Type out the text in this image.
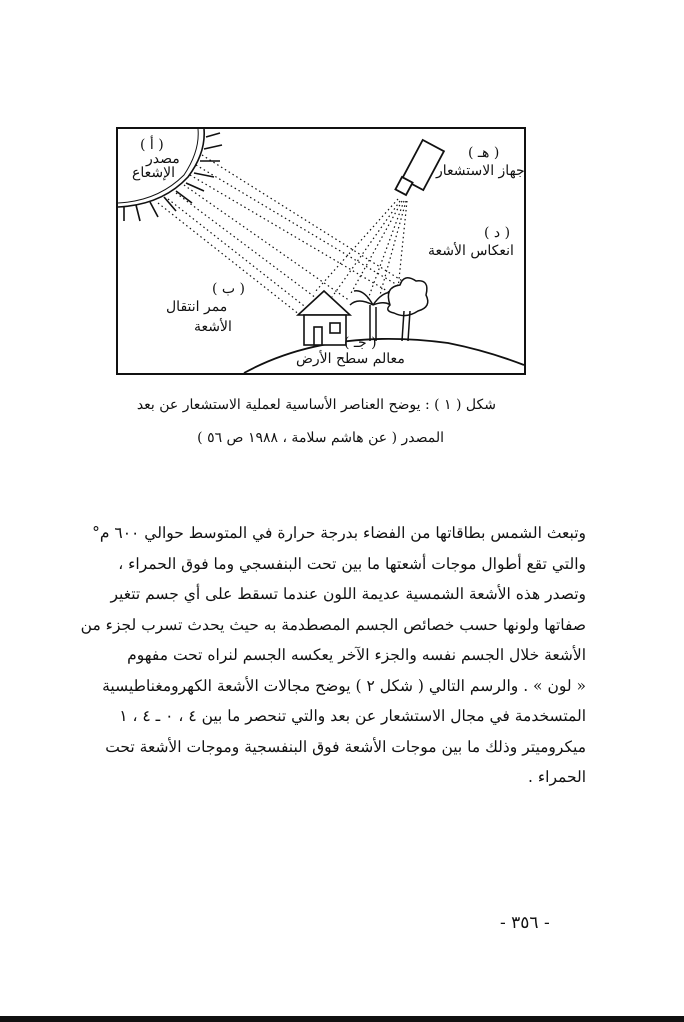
( أ )
مصدر
الإشعاع
( هـ )
جهاز الاستشعار
( د )
انعكاس الأشعة
( ب )
ممر انتقال
الأشعة
( جـ )
معالم سطح الأرض
شكل ( ١ ) : يوضح العناصر الأساسية لعملية الاستشعار عن بعد
المصدر ( عن هاشم سلامة ، ١٩٨٨ ص ٥٦ )
وتبعث الشمس بطاقاتها من الفضاء بدرجة حرارة في المتوسط حوالي ٦٠٠ م°
والتي تقع أطوال موجات أشعتها ما بين تحت البنفسجي وما فوق الحمراء ،
وتصدر هذه الأشعة الشمسية عديمة اللون عندما تسقط على أي جسم تتغير
صفاتها ولونها حسب خصائص الجسم المصطدمة به حيث يحدث تسرب لجزء من
الأشعة خلال الجسم نفسه والجزء الآخر يعكسه الجسم لنراه تحت مفهوم
« لون » . والرسم التالي ( شكل ٢ ) يوضح مجالات الأشعة الكهرومغناطيسية
المتسخدمة في مجال الاستشعار عن بعد والتي تنحصر ما بين ٤ ، ٠ ـ ٤ ، ١
ميكروميتر وذلك ما بين موجات الأشعة فوق البنفسجية وموجات الأشعة تحت
الحمراء .
- ٣٥٦ -
